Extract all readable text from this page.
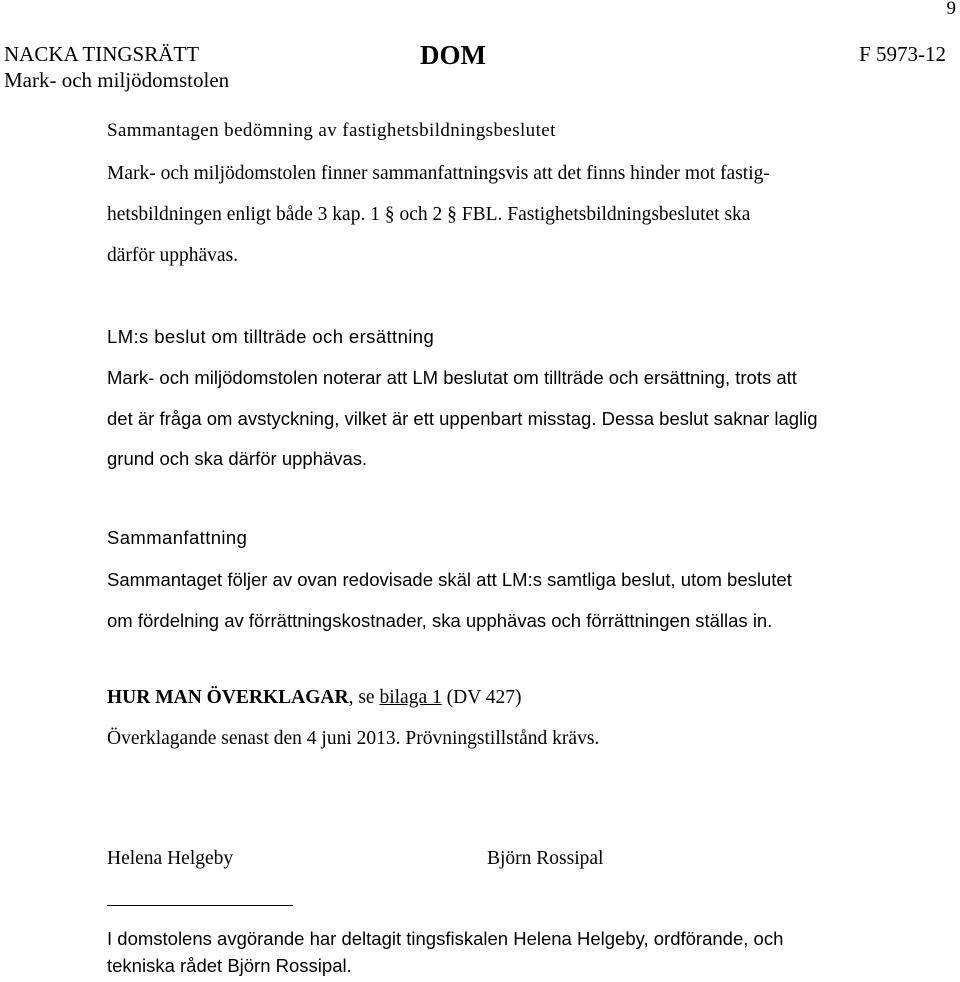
9
NACKA TINGSRÄTT
Mark- och miljödomstolen
DOM	F 5973-12
Sammantagen bedömning av fastighetsbildningsbeslutet
Mark- och miljödomstolen finner sammanfattningsvis att det finns hinder mot fastig-
hetsbildningen enligt både 3 kap. 1 § och 2 § FBL. Fastighetsbildningsbeslutet ska
därför upphävas.
LM:s beslut om tillträde och ersättning
Mark- och miljödomstolen noterar att LM beslutat om tillträde och ersättning, trots att
det är fråga om avstyckning, vilket är ett uppenbart misstag. Dessa beslut saknar laglig
grund och ska därför upphävas.
Sammanfattning
Sammantaget följer av ovan redovisade skäl att LM:s samtliga beslut, utom beslutet
om fördelning av förrättningskostnader, ska upphävas och förrättningen ställas in.
HUR MAN ÖVERKLAGAR, se bilaga 1 (DV 427)
Överklagande senast den 4 juni 2013. Prövningstillstånd krävs.
Helena Helgeby	Björn Rossipal
I domstolens avgörande har deltagit tingsfiskalen Helena Helgeby, ordförande, och
tekniska rådet Björn Rossipal.
